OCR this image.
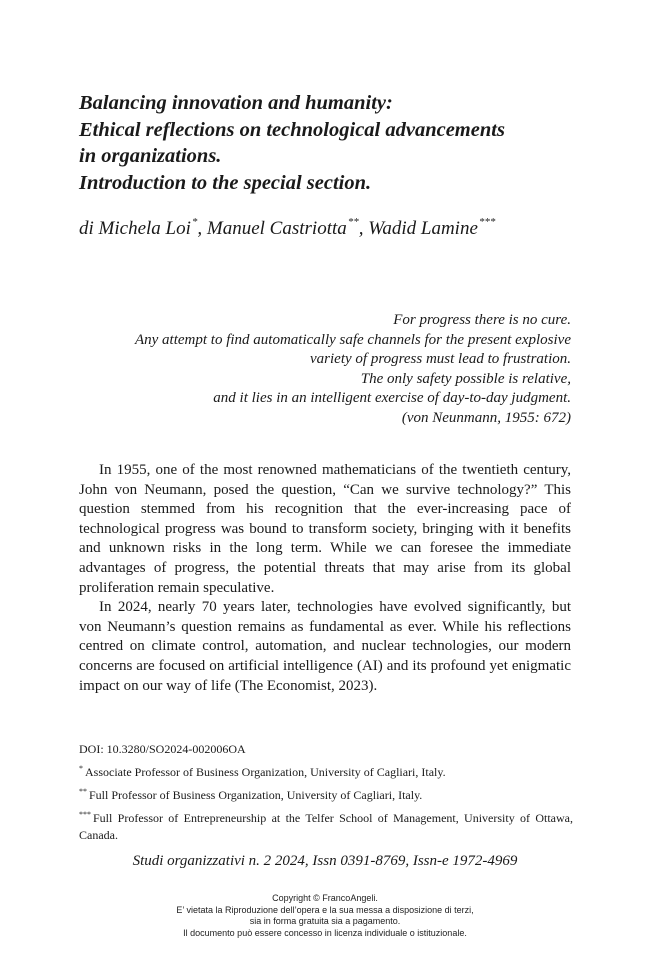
Balancing innovation and humanity:
Ethical reflections on technological advancements
in organizations.
Introduction to the special section.
di Michela Loi*, Manuel Castriotta**, Wadid Lamine***
For progress there is no cure.
Any attempt to find automatically safe channels for the present explosive
variety of progress must lead to frustration.
The only safety possible is relative,
and it lies in an intelligent exercise of day-to-day judgment.
(von Neunmann, 1955: 672)

In 1955, one of the most renowned mathematicians of the twentieth century, John von Neumann, posed the question, “Can we survive technology?” This question stemmed from his recognition that the ever-increasing pace of technological progress was bound to transform society, bringing with it benefits and unknown risks in the long term. While we can foresee the immediate advantages of progress, the potential threats that may arise from its global proliferation remain speculative.

In 2024, nearly 70 years later, technologies have evolved significantly, but von Neumann’s question remains as fundamental as ever. While his reflections centred on climate control, automation, and nuclear technologies, our modern concerns are focused on artificial intelligence (AI) and its profound yet enigmatic impact on our way of life (The Economist, 2023).

DOI: 10.3280/SO2024-002006OA
* Associate Professor of Business Organization, University of Cagliari, Italy.
** Full Professor of Business Organization, University of Cagliari, Italy.
*** Full Professor of Entrepreneurship at the Telfer School of Management, University of Ottawa, Canada.
Studi organizzativi n. 2 2024, Issn 0391-8769, Issn-e 1972-4969
Copyright © FrancoAngeli.
E’ vietata la Riproduzione dell’opera e la sua messa a disposizione di terzi,
sia in forma gratuita sia a pagamento.
Il documento può essere concesso in licenza individuale o istituzionale.
